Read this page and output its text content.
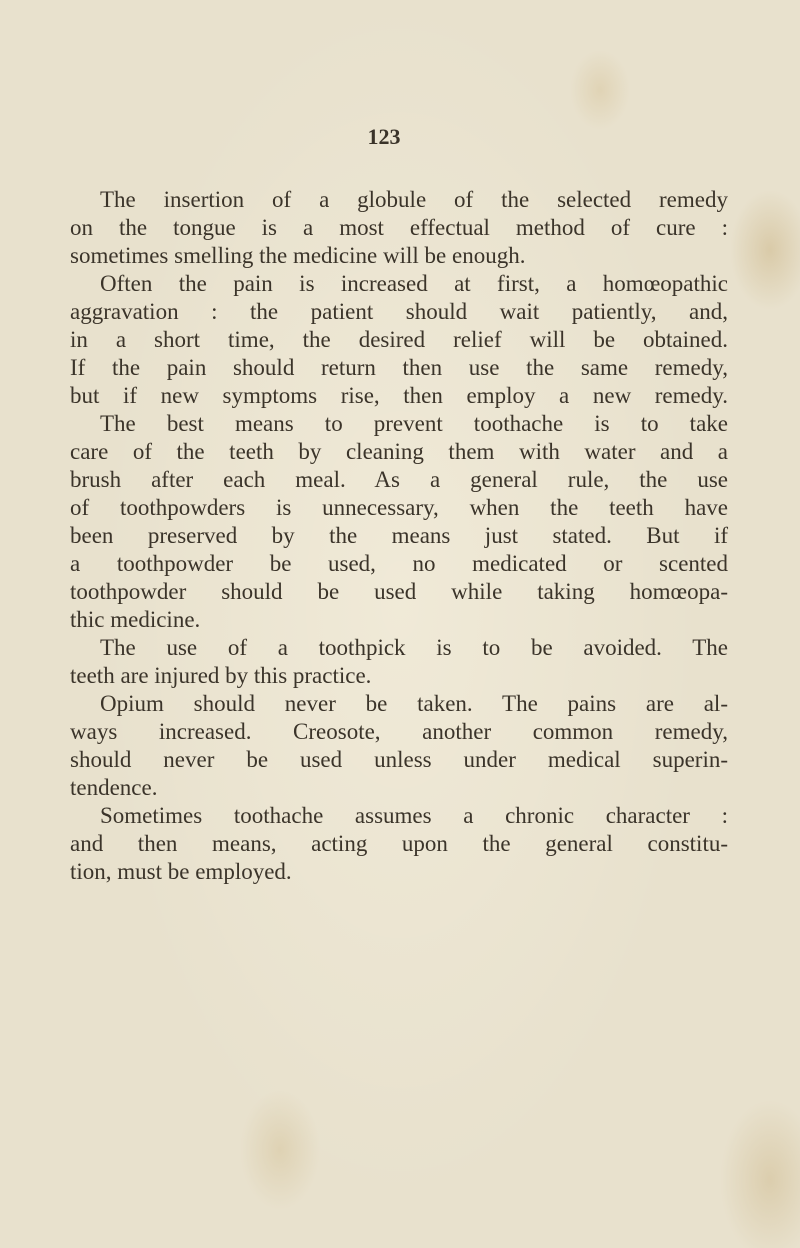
123
The insertion of a globule of the selected remedy
on the tongue is a most effectual method of cure :
sometimes smelling the medicine will be enough.
Often the pain is increased at first, a homœopathic
aggravation : the patient should wait patiently, and,
in a short time, the desired relief will be obtained.
If the pain should return then use the same remedy,
but if new symptoms rise, then employ a new remedy.
The best means to prevent toothache is to take
care of the teeth by cleaning them with water and a
brush after each meal. As a general rule, the use
of toothpowders is unnecessary, when the teeth have
been preserved by the means just stated. But if
a toothpowder be used, no medicated or scented
toothpowder should be used while taking homœopa-
thic medicine.
The use of a toothpick is to be avoided. The
teeth are injured by this practice.
Opium should never be taken. The pains are al-
ways increased. Creosote, another common remedy,
should never be used unless under medical superin-
tendence.
Sometimes toothache assumes a chronic character :
and then means, acting upon the general constitu-
tion, must be employed.
